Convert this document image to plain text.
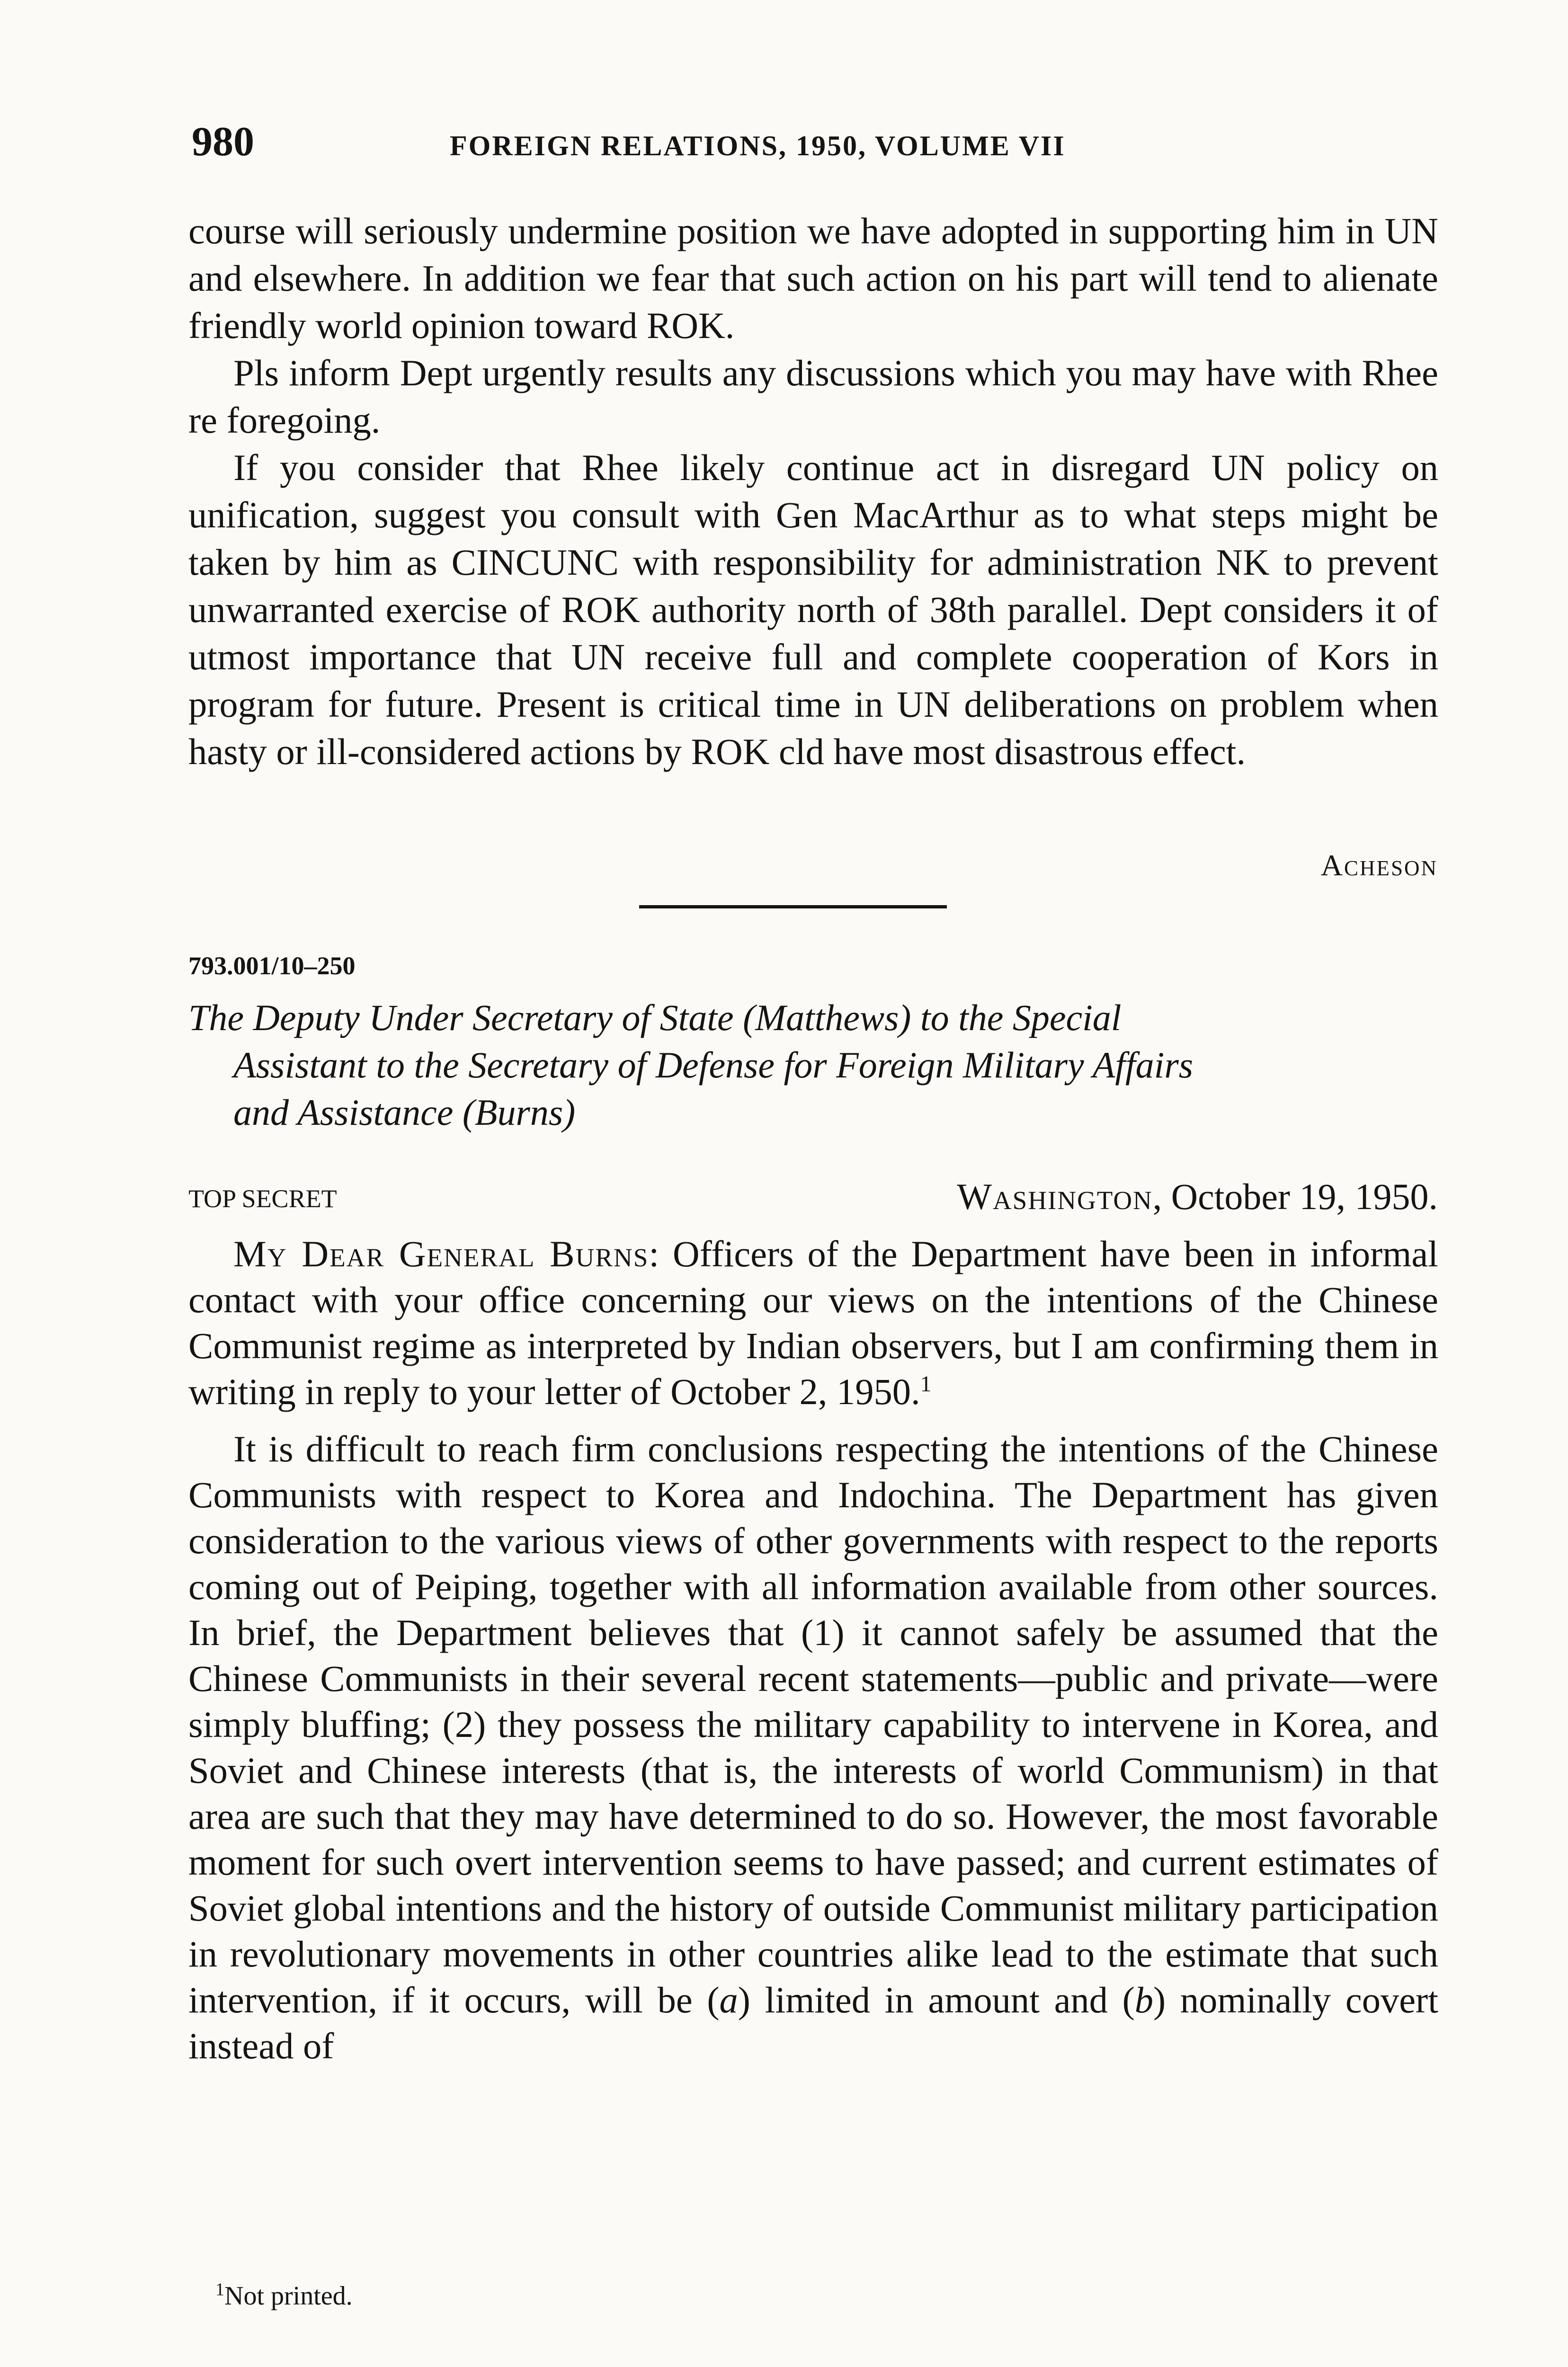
980	FOREIGN RELATIONS, 1950, VOLUME VII

course will seriously undermine position we have adopted in supporting him in UN and elsewhere. In addition we fear that such action on his part will tend to alienate friendly world opinion toward ROK.

Pls inform Dept urgently results any discussions which you may have with Rhee re foregoing.

If you consider that Rhee likely continue act in disregard UN policy on unification, suggest you consult with Gen MacArthur as to what steps might be taken by him as CINCUNC with responsibility for administration NK to prevent unwarranted exercise of ROK authority north of 38th parallel. Dept considers it of utmost importance that UN receive full and complete cooperation of Kors in program for future. Present is critical time in UN deliberations on problem when hasty or ill-considered actions by ROK cld have most disastrous effect.

Acheson
793.001/10–250
The Deputy Under Secretary of State (Matthews) to the Special
Assistant to the Secretary of Defense for Foreign Military Affairs
and Assistance (Burns)
TOP SECRET	Washington, October 19, 1950.

My Dear General Burns: Officers of the Department have been in informal contact with your office concerning our views on the intentions of the Chinese Communist regime as interpreted by Indian observers, but I am confirming them in writing in reply to your letter of October 2, 1950.$^1$

It is difficult to reach firm conclusions respecting the intentions of the Chinese Communists with respect to Korea and Indochina. The Department has given consideration to the various views of other governments with respect to the reports coming out of Peiping, together with all information available from other sources. In brief, the Department believes that (1) it cannot safely be assumed that the Chinese Communists in their several recent statements—public and private—were simply bluffing; (2) they possess the military capability to intervene in Korea, and Soviet and Chinese interests (that is, the interests of world Communism) in that area are such that they may have determined to do so. However, the most favorable moment for such overt intervention seems to have passed; and current estimates of Soviet global intentions and the history of outside Communist military participation in revolutionary movements in other countries alike lead to the estimate that such intervention, if it occurs, will be (a) limited in amount and (b) nominally covert instead of

$^1$Not printed.
